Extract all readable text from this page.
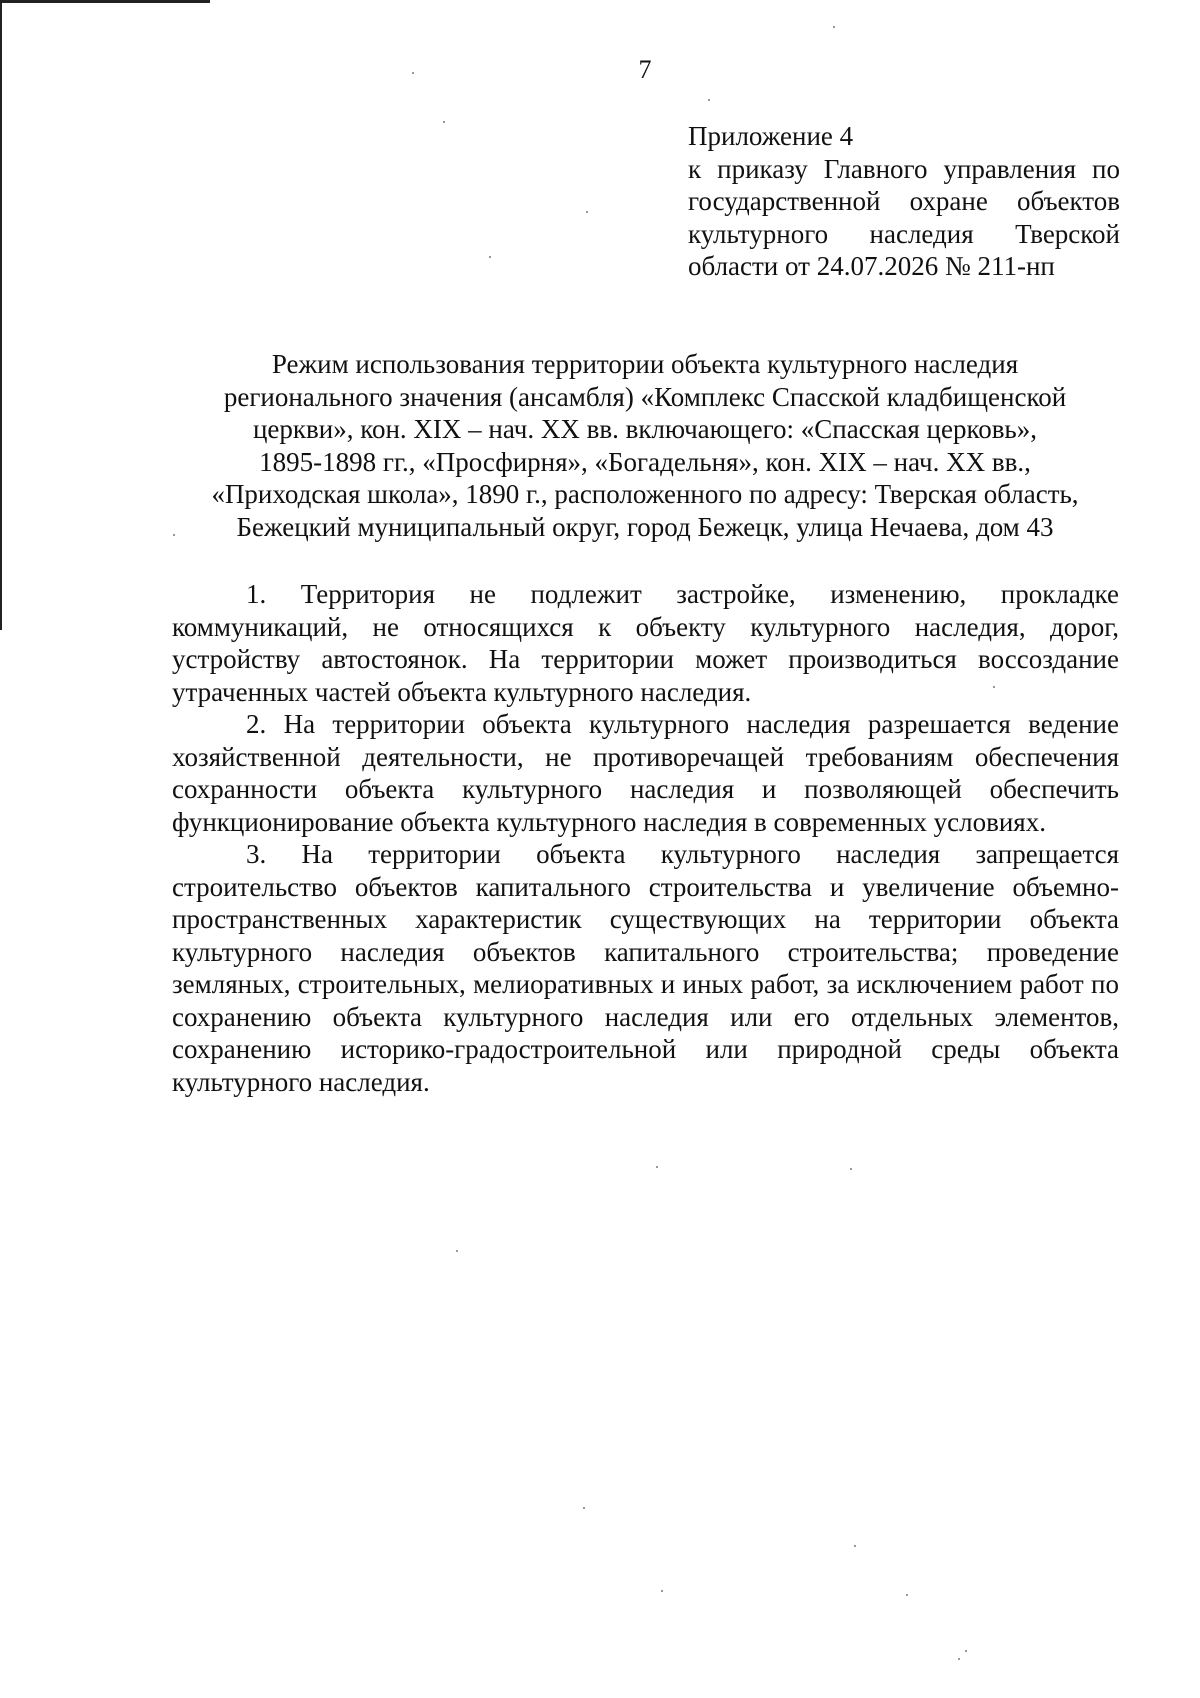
7
Приложение 4
к приказу Главного управления по
государственной охране объектов
культурного наследия Тверской
области от 24.07.2026 № 211-нп
Режим использования территории объекта культурного наследия
регионального значения (ансамбля) «Комплекс Спасской кладбищенской
церкви», кон. XIX – нач. XX вв. включающего: «Спасская церковь»,
1895-1898 гг., «Просфирня», «Богадельня», кон. XIX – нач. XX вв.,
«Приходская школа», 1890 г., расположенного по адресу: Тверская область,
Бежецкий муниципальный округ, город Бежецк, улица Нечаева, дом 43

1. Территория не подлежит застройке, изменению, прокладке коммуникаций, не относящихся к объекту культурного наследия, дорог, устройству автостоянок. На территории может производиться воссоздание утраченных частей объекта культурного наследия.

2. На территории объекта культурного наследия разрешается ведение хозяйственной деятельности, не противоречащей требованиям обеспечения сохранности объекта культурного наследия и позволяющей обеспечить функционирование объекта культурного наследия в современных условиях.

3. На территории объекта культурного наследия запрещается строительство объектов капитального строительства и увеличение объемно-пространственных характеристик существующих на территории объекта культурного наследия объектов капитального строительства; проведение земляных, строительных, мелиоративных и иных работ, за исключением работ по сохранению объекта культурного наследия или его отдельных элементов, сохранению историко-градостроительной или природной среды объекта культурного наследия.
